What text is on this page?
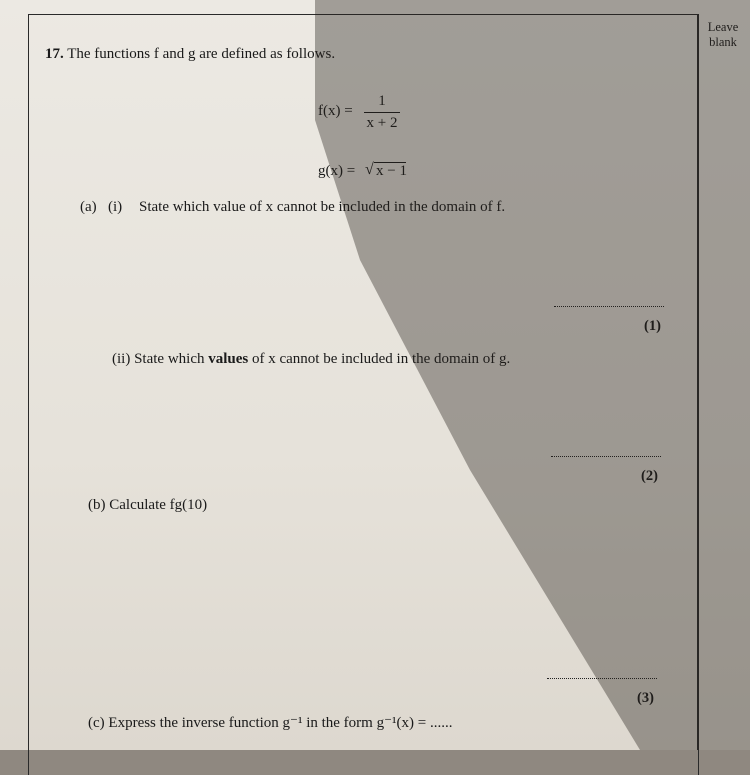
Leave
blank
17. The functions f and g are defined as follows.
f(x) =
1
x + 2
g(x) = √ x − 1
(a) (i) State which value of x cannot be included in the domain of f.
(1)
(ii) State which values of x cannot be included in the domain of g.
(2)
(b) Calculate fg(10)
(3)
(c) Express the inverse function g⁻¹ in the form g⁻¹(x) = ......
